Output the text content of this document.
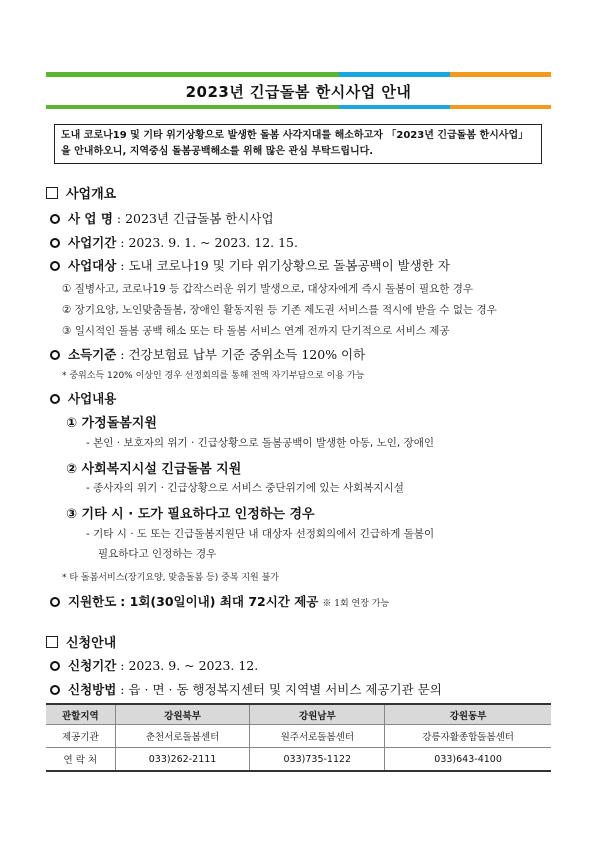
2023년 긴급돌봄 한시사업 안내
도내 코로나19 및 기타 위기상황으로 발생한 돌봄 사각지대를 해소하고자 「2023년 긴급돌봄 한시사업」을 안내하오니, 지역중심 돌봄공백해소를 위해 많은 관심 부탁드립니다.
사업개요
사 업 명 : 2023년 긴급돌봄 한시사업
사업기간 : 2023. 9. 1. ~ 2023. 12. 15.
사업대상 : 도내 코로나19 및 기타 위기상황으로 돌봄공백이 발생한 자
① 질병사고, 코로나19 등 갑작스러운 위기 발생으로, 대상자에게 즉시 돌봄이 필요한 경우
② 장기요양, 노인맞춤돌봄, 장애인 활동지원 등 기존 제도권 서비스를 적시에 받을 수 없는 경우
③ 일시적인 돌봄 공백 해소 또는 타 돌봄 서비스 연계 전까지 단기적으로 서비스 제공
소득기준 : 건강보험료 납부 기준 중위소득 120% 이하
* 중위소득 120% 이상인 경우 선정회의를 통해 전액 자기부담으로 이용 가능
사업내용
① 가정돌봄지원
- 본인 · 보호자의 위기 · 긴급상황으로 돌봄공백이 발생한 아동, 노인, 장애인
② 사회복지시설 긴급돌봄 지원
- 종사자의 위기 · 긴급상황으로 서비스 중단위기에 있는 사회복지시설
③ 기타 시 · 도가 필요하다고 인정하는 경우
- 기타 시 · 도 또는 긴급돌봄지원단 내 대상자 선정회의에서 긴급하게 돌봄이
필요하다고 인정하는 경우
* 타 돌봄서비스(장기요양, 맞춤돌봄 등) 중복 지원 불가
지원한도 : 1회(30일이내) 최대 72시간 제공 ※ 1회 연장 가능
신청안내
신청기간 : 2023. 9. ~ 2023. 12.
신청방법 : 읍 · 면 · 동 행정복지센터 및 지역별 서비스 제공기관 문의
관할지역	강원북부	강원남부	강원동부
제공기관	춘천서로돌봄센터	원주서로돌봄센터	강릉자활종합돌봄센터
연 락 처	033)262-2111	033)735-1122	033)643-4100
